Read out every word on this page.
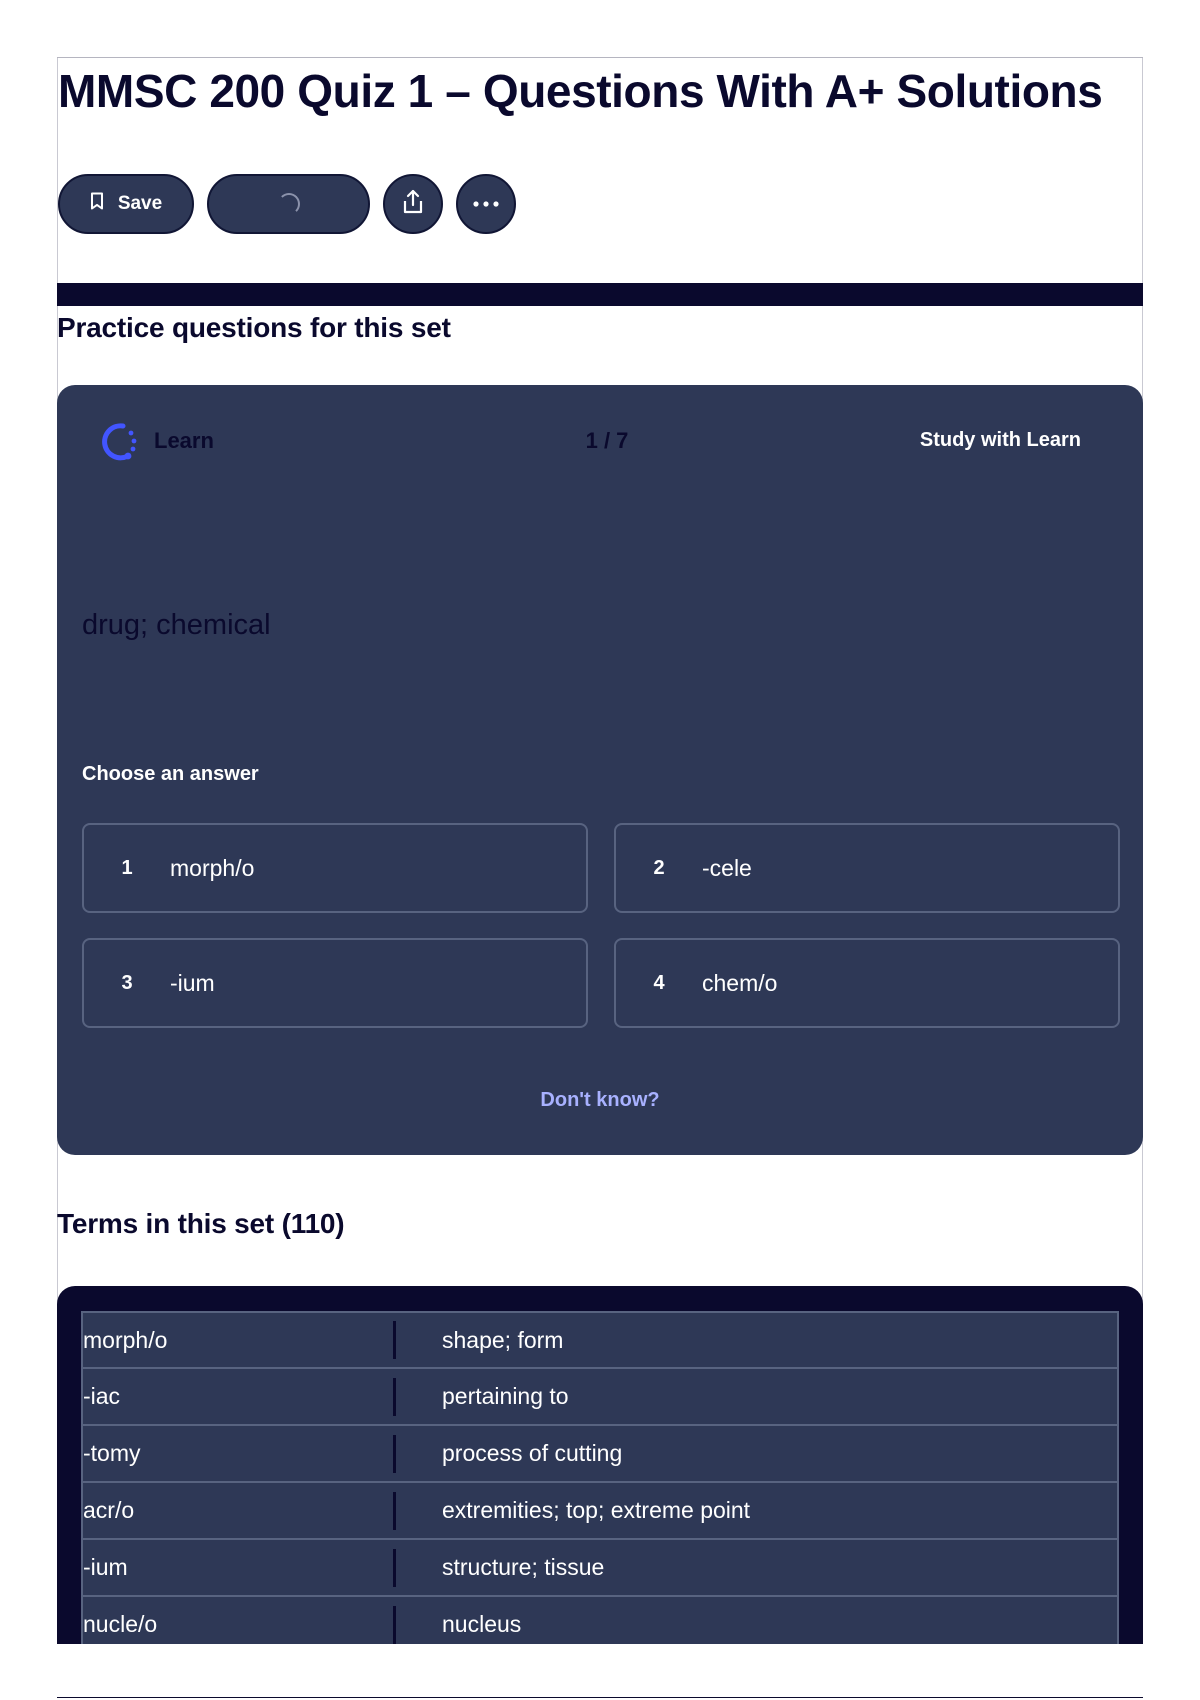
MMSC 200 Quiz 1 – Questions With A+ Solutions
Save
Practice questions for this set
Learn	1 / 7	Study with Learn
drug; chemical
Choose an answer
1	morph/o	2	-cele
3	-ium	4	chem/o
Don't know?
Terms in this set (110)
morph/o	shape; form
-iac	pertaining to
-tomy	process of cutting
acr/o	extremities; top; extreme point
-ium	structure; tissue
nucle/o	nucleus
